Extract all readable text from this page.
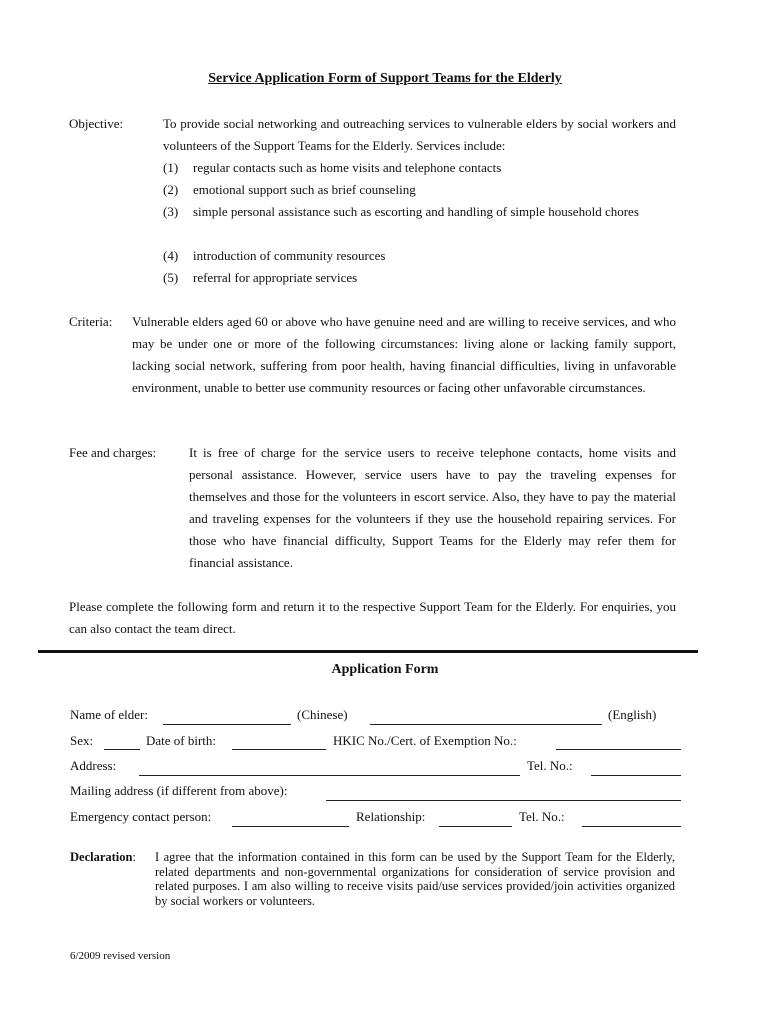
Service Application Form of Support Teams for the Elderly
Objective:	To provide social networking and outreaching services to vulnerable elders by social workers and volunteers of the Support Teams for the Elderly. Services include:
(1) regular contacts such as home visits and telephone contacts
(2) emotional support such as brief counseling
(3) simple personal assistance such as escorting and handling of simple household chores
(4) introduction of community resources
(5) referral for appropriate services
Criteria: Vulnerable elders aged 60 or above who have genuine need and are willing to receive services, and who may be under one or more of the following circumstances: living alone or lacking family support, lacking social network, suffering from poor health, having financial difficulties, living in unfavorable environment, unable to better use community resources or facing other unfavorable circumstances.
Fee and charges:	It is free of charge for the service users to receive telephone contacts, home visits and personal assistance. However, service users have to pay the traveling expenses for themselves and those for the volunteers in escort service. Also, they have to pay the material and traveling expenses for the volunteers if they use the household repairing services. For those who have financial difficulty, Support Teams for the Elderly may refer them for financial assistance.
Please complete the following form and return it to the respective Support Team for the Elderly. For enquiries, you can also contact the team direct.
Application Form
Name of elder:	(Chinese)	(English)
Sex:	Date of birth:	HKIC No./Cert. of Exemption No.:
Address:	Tel. No.:
Mailing address (if different from above):
Emergency contact person:	Relationship:	Tel. No.:
Declaration: I agree that the information contained in this form can be used by the Support Team for the Elderly, related departments and non-governmental organizations for consideration of service provision and related purposes. I am also willing to receive visits paid/use services provided/join activities organized by social workers or volunteers.
6/2009 revised version
